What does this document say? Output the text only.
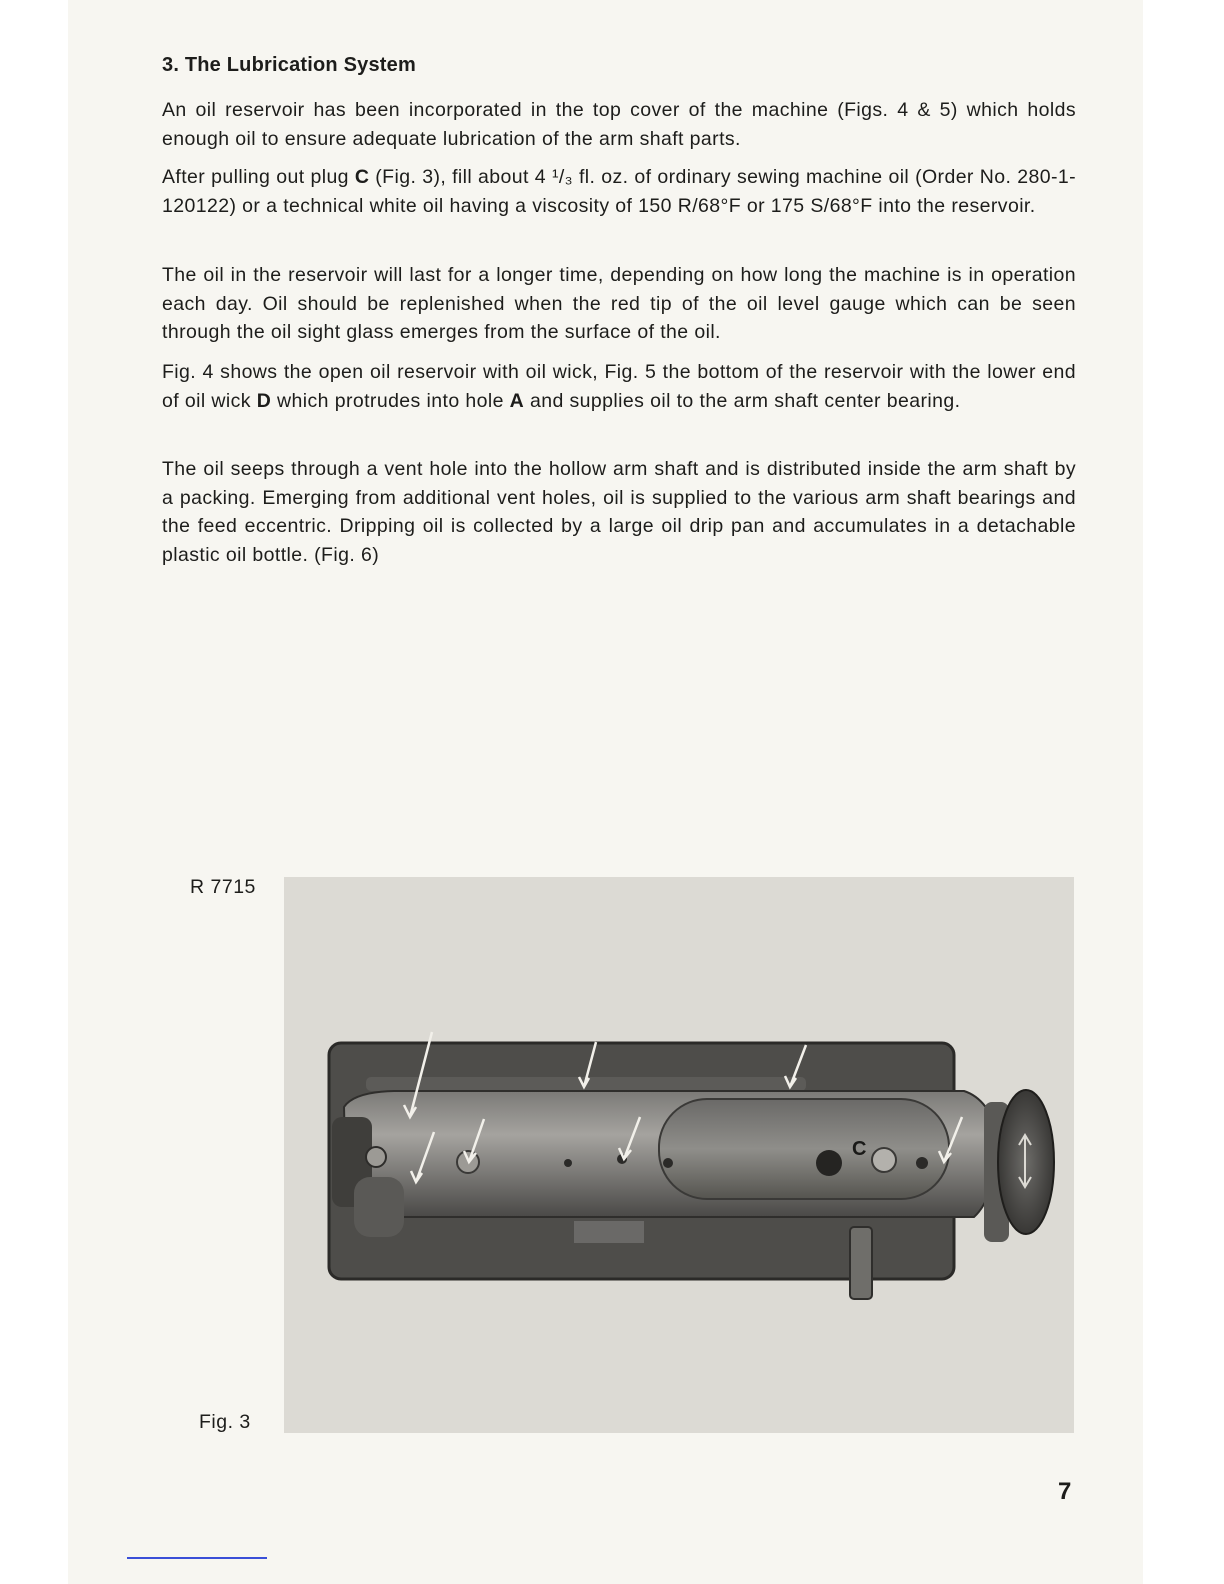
3. The Lubrication System

An oil reservoir has been incorporated in the top cover of the machine (Figs. 4 & 5) which holds enough oil to ensure adequate lubrication of the arm shaft parts.

After pulling out plug C (Fig. 3), fill about 4 ¹/₃ fl. oz. of ordinary sewing machine oil (Order No. 280-1-120122) or a technical white oil having a viscosity of 150 R/68°F or 175 S/68°F into the reservoir.

The oil in the reservoir will last for a longer time, depending on how long the machine is in operation each day. Oil should be replenished when the red tip of the oil level gauge which can be seen through the oil sight glass emerges from the surface of the oil.

Fig. 4 shows the open oil reservoir with oil wick, Fig. 5 the bottom of the reservoir with the lower end of oil wick D which protrudes into hole A and supplies oil to the arm shaft center bearing.

The oil seeps through a vent hole into the hollow arm shaft and is distributed inside the arm shaft by a packing. Emerging from additional vent holes, oil is supplied to the various arm shaft bearings and the feed eccentric. Dripping oil is collected by a large oil drip pan and accumulates in a detachable plastic oil bottle. (Fig. 6)

R 7715
C
Fig. 3
7
